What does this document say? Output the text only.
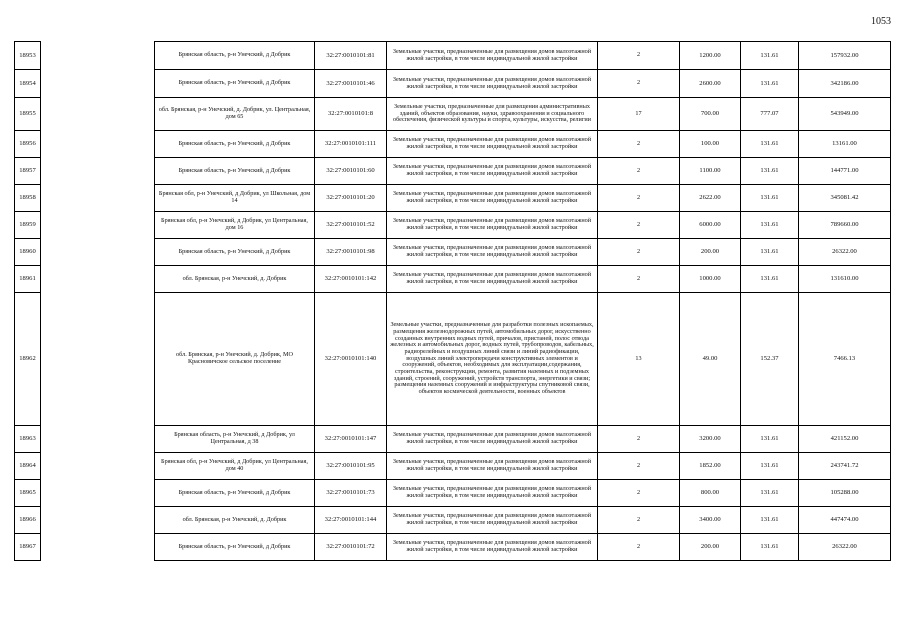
1053
18953		Брянская область, р-н Унечский, д Добрик	32:27:0010101:81	Земельные участки, предназначенные для размещения домов малоэтажной жилой застройки, в том числе индивидуальной жилой застройки	2	1200.00	131.61	157932.00
18954		Брянская область, р-н Унечский, д Добрик	32:27:0010101:46	Земельные участки, предназначенные для размещения домов малоэтажной жилой застройки, в том числе индивидуальной жилой застройки	2	2600.00	131.61	342186.00
18955		обл. Брянская, р-н Унечский, д. Добрик, ул. Центральная, дом 65	32:27:0010101:8	Земельные участки, предназначенные для размещения административных зданий, объектов образования, науки, здравоохранения и социального обеспечения, физической культуры и спорта, культуры, искусства, религии	17	700.00	777.07	543949.00
18956		Брянская область, р-н Унечский, д Добрик	32:27:0010101:111	Земельные участки, предназначенные для размещения домов малоэтажной жилой застройки, в том числе индивидуальной жилой застройки	2	100.00	131.61	13161.00
18957		Брянская область, р-н Унечский, д Добрик	32:27:0010101:60	Земельные участки, предназначенные для размещения домов малоэтажной жилой застройки, в том числе индивидуальной жилой застройки	2	1100.00	131.61	144771.00
18958		Брянская обл, р-н Унечский, д Добрик, ул Школьная, дом 14	32:27:0010101:20	Земельные участки, предназначенные для размещения домов малоэтажной жилой застройки, в том числе индивидуальной жилой застройки	2	2622.00	131.61	345081.42
18959		Брянская обл, р-н Унечский, д Добрик, ул Центральная, дом 16	32:27:0010101:52	Земельные участки, предназначенные для размещения домов малоэтажной жилой застройки, в том числе индивидуальной жилой застройки	2	6000.00	131.61	789660.00
18960		Брянская область, р-н Унечский, д Добрик	32:27:0010101:98	Земельные участки, предназначенные для размещения домов малоэтажной жилой застройки, в том числе индивидуальной жилой застройки	2	200.00	131.61	26322.00
18961		обл. Брянская, р-н Унечский, д. Добрик	32:27:0010101:142	Земельные участки, предназначенные для размещения домов малоэтажной жилой застройки, в том числе индивидуальной жилой застройки	2	1000.00	131.61	131610.00
18962		обл. Брянская, р-н Унечский, д. Добрик, МО Красновичское сельское поселение	32:27:0010101:140	Земельные участки, предназначенные для разработки полезных ископаемых, размещения железнодорожных путей, автомобильных дорог, искусственно созданных внутренних водных путей, причалов, пристаней, полос отвода железных и автомобильных дорог, водных путей, трубопроводов, кабельных, радиорелейных и воздушных линий связи и линий радиофикации, воздушных линий электропередачи конструктивных элементов и сооружений, объектов, необходимых для эксплуатации,содержания, строительства, реконструкции, ремонта, развития наземных и подземных зданий, строений, сооружений, устройств транспорта, энергетики и связи; размещения наземных сооружений и инфраструктуры спутниковой связи, объектов космической деятельности, военных объектов	13	49.00	152.37	7466.13
18963		Брянская область, р-н Унечский, д Добрик, ул Центральная, д 38	32:27:0010101:147	Земельные участки, предназначенные для размещения домов малоэтажной жилой застройки, в том числе индивидуальной жилой застройки	2	3200.00	131.61	421152.00
18964		Брянская обл, р-н Унечский, д Добрик, ул Центральная, дом 40	32:27:0010101:95	Земельные участки, предназначенные для размещения домов малоэтажной жилой застройки, в том числе индивидуальной жилой застройки	2	1852.00	131.61	243741.72
18965		Брянская область, р-н Унечский, д Добрик	32:27:0010101:73	Земельные участки, предназначенные для размещения домов малоэтажной жилой застройки, в том числе индивидуальной жилой застройки	2	800.00	131.61	105288.00
18966		обл. Брянская, р-н Унечский, д. Добрик	32:27:0010101:144	Земельные участки, предназначенные для размещения домов малоэтажной жилой застройки, в том числе индивидуальной жилой застройки	2	3400.00	131.61	447474.00
18967		Брянская область, р-н Унечский, д Добрик	32:27:0010101:72	Земельные участки, предназначенные для размещения домов малоэтажной жилой застройки, в том числе индивидуальной жилой застройки	2	200.00	131.61	26322.00
